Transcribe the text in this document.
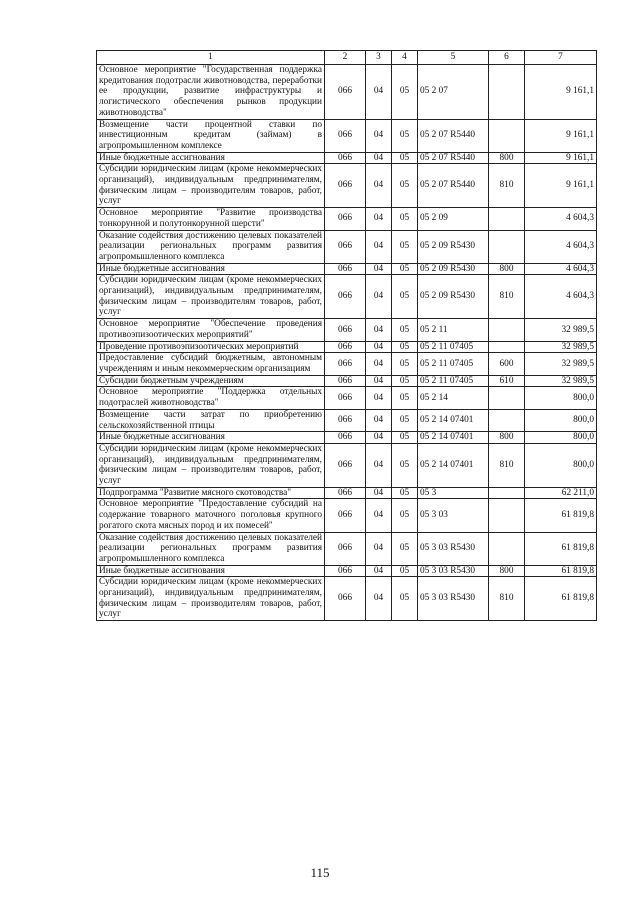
1	2	3	4	5	6	7
Основное мероприятие "Государственная поддержка кредитования подотрасли животноводства, переработки ее продукции, развитие инфраструктуры и логистического обеспечения рынков продукции животноводства"	066	04	05	05 2 07		9 161,1
Возмещение части процентной ставки по инвестиционным кредитам (займам) в агропромышленном комплексе	066	04	05	05 2 07 R5440		9 161,1
Иные бюджетные ассигнования	066	04	05	05 2 07 R5440	800	9 161,1
Субсидии юридическим лицам (кроме некоммерческих организаций), индивидуальным предпринимателям, физическим лицам – производителям товаров, работ, услуг	066	04	05	05 2 07 R5440	810	9 161,1
Основное мероприятие "Развитие производства тонкорунной и полутонкорунной шерсти"	066	04	05	05 2 09		4 604,3
Оказание содействия достижению целевых показателей реализации региональных программ развития агропромышленного комплекса	066	04	05	05 2 09 R5430		4 604,3
Иные бюджетные ассигнования	066	04	05	05 2 09 R5430	800	4 604,3
Субсидии юридическим лицам (кроме некоммерческих организаций), индивидуальным предпринимателям, физическим лицам – производителям товаров, работ, услуг	066	04	05	05 2 09 R5430	810	4 604,3
Основное мероприятие "Обеспечение проведения противоэпизоотических мероприятий"	066	04	05	05 2 11		32 989,5
Проведение противоэпизоотических мероприятий	066	04	05	05 2 11 07405		32 989,5
Предоставление субсидий бюджетным, автономным учреждениям и иным некоммерческим организациям	066	04	05	05 2 11 07405	600	32 989,5
Субсидии бюджетным учреждениям	066	04	05	05 2 11 07405	610	32 989,5
Основное мероприятие "Поддержка отдельных подотраслей животноводства"	066	04	05	05 2 14		800,0
Возмещение части затрат по приобретению сельскохозяйственной птицы	066	04	05	05 2 14 07401		800,0
Иные бюджетные ассигнования	066	04	05	05 2 14 07401	800	800,0
Субсидии юридическим лицам (кроме некоммерческих организаций), индивидуальным предпринимателям, физическим лицам – производителям товаров, работ, услуг	066	04	05	05 2 14 07401	810	800,0
Подпрограмма "Развитие мясного скотоводства"	066	04	05	05 3		62 211,0
Основное мероприятие "Предоставление субсидий на содержание товарного маточного поголовья крупного рогатого скота мясных пород и их помесей"	066	04	05	05 3 03		61 819,8
Оказание содействия достижению целевых показателей реализации региональных программ развития агропромышленного комплекса	066	04	05	05 3 03 R5430		61 819,8
Иные бюджетные ассигнования	066	04	05	05 3 03 R5430	800	61 819,8
Субсидии юридическим лицам (кроме некоммерческих организаций), индивидуальным предпринимателям, физическим лицам – производителям товаров, работ, услуг	066	04	05	05 3 03 R5430	810	61 819,8
115
